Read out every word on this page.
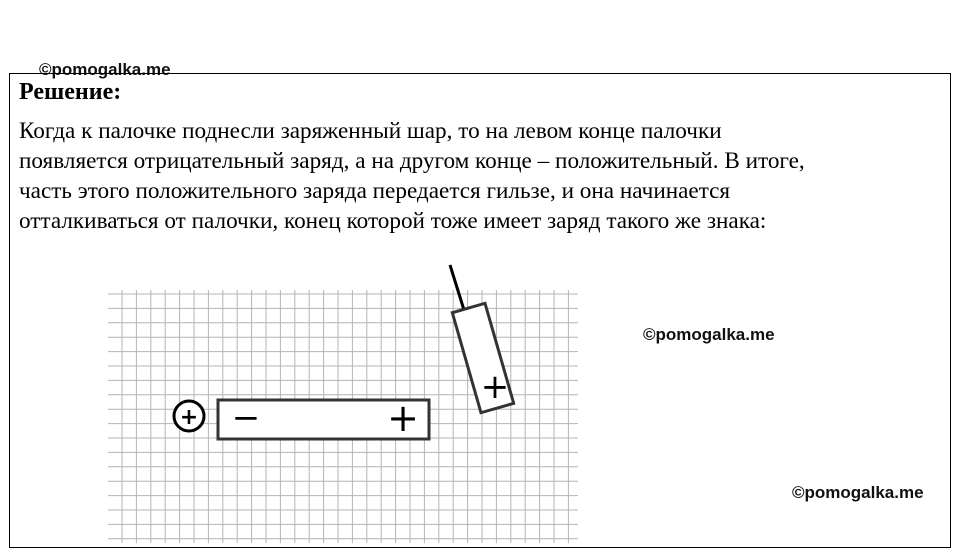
©pomogalka.me
Решение:
Когда к палочке поднесли заряженный шар, то на левом конце палочки
появляется отрицательный заряд, а на другом конце – положительный. В итоге,
часть этого положительного заряда передается гильзе, и она начинается
отталкиваться от палочки, конец которой тоже имеет заряд такого же знака:
+ −	+
+
©pomogalka.me
©pomogalka.me
